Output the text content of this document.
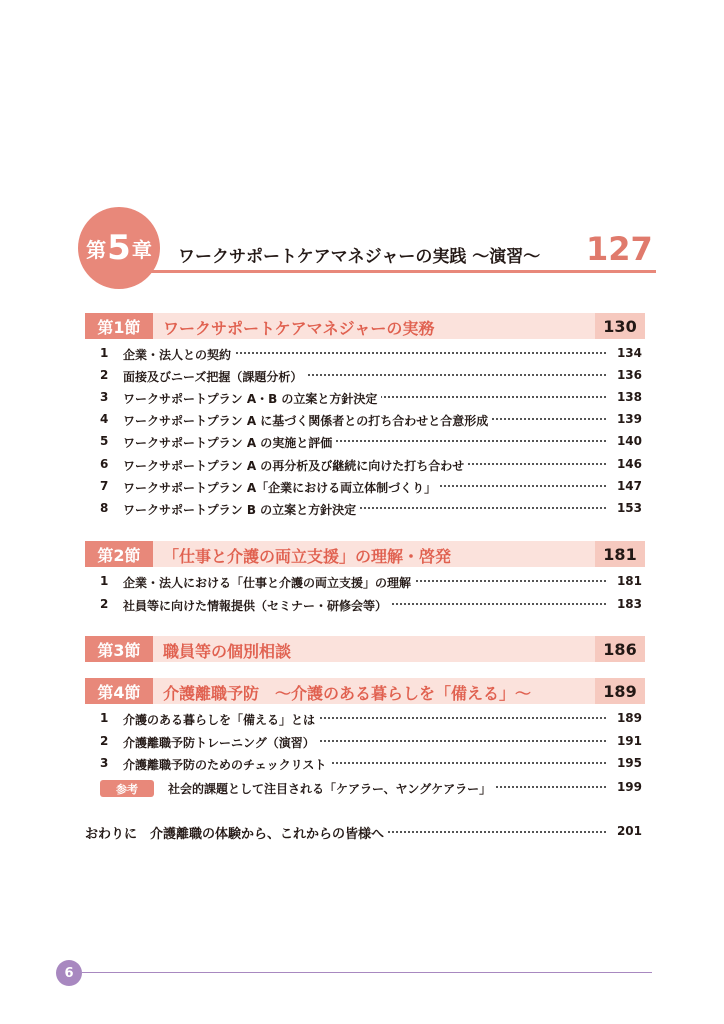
第 5 章 ワークサポートケアマネジャーの実践 〜演習〜 127
第1節	ワークサポートケアマネジャーの実務	130
1 企業・法人との契約	134
2 面接及びニーズ把握（課題分析）	136
3 ワークサポートプラン A・B の立案と方針決定	138
4 ワークサポートプラン A に基づく関係者との打ち合わせと合意形成	139
5 ワークサポートプラン A の実施と評価	140
6 ワークサポートプラン A の再分析及び継続に向けた打ち合わせ	146
7 ワークサポートプラン A「企業における両立体制づくり」	147
8 ワークサポートプラン B の立案と方針決定	153
第2節	「仕事と介護の両立支援」の理解・啓発	181
1 企業・法人における「仕事と介護の両立支援」の理解	181
2 社員等に向けた情報提供（セミナー・研修会等）	183
第3節	職員等の個別相談	186
第4節	介護離職予防　〜介護のある暮らしを「備える」〜	189
1 介護のある暮らしを「備える」とは	189
2 介護離職予防トレーニング（演習）	191
3 介護離職予防のためのチェックリスト	195
参考	社会的課題として注目される「ケアラー、ヤングケアラー」	199
おわりに　介護離職の体験から、これからの皆様へ	201
6
